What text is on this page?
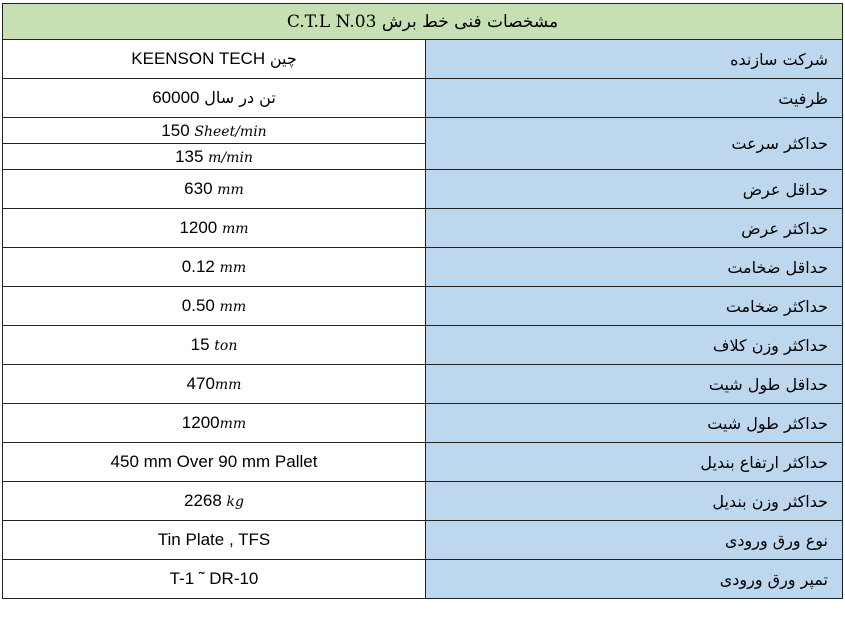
C.T.L N.03 مشخصات فنی خط برش	
KEENSON TECH چین	شرکت سازنده
60000 تن در سال	ظرفیت
150 Sheet/min	حداکثر سرعت
135 m/min	
630 mm	حداقل عرض
1200 mm	حداکثر عرض
0.12 mm	حداقل ضخامت
0.50 mm	حداکثر ضخامت
15 ton	حداکثر وزن کلاف
470mm	حداقل طول شیت
1200mm	حداکثر طول شیت
450 mm Over 90 mm Pallet	حداکثر ارتفاع بندیل
2268 kg	حداکثر وزن بندیل
Tin Plate , TFS	نوع ورق ورودی
T-1 ˜ DR-10	تمپر ورق ورودی
